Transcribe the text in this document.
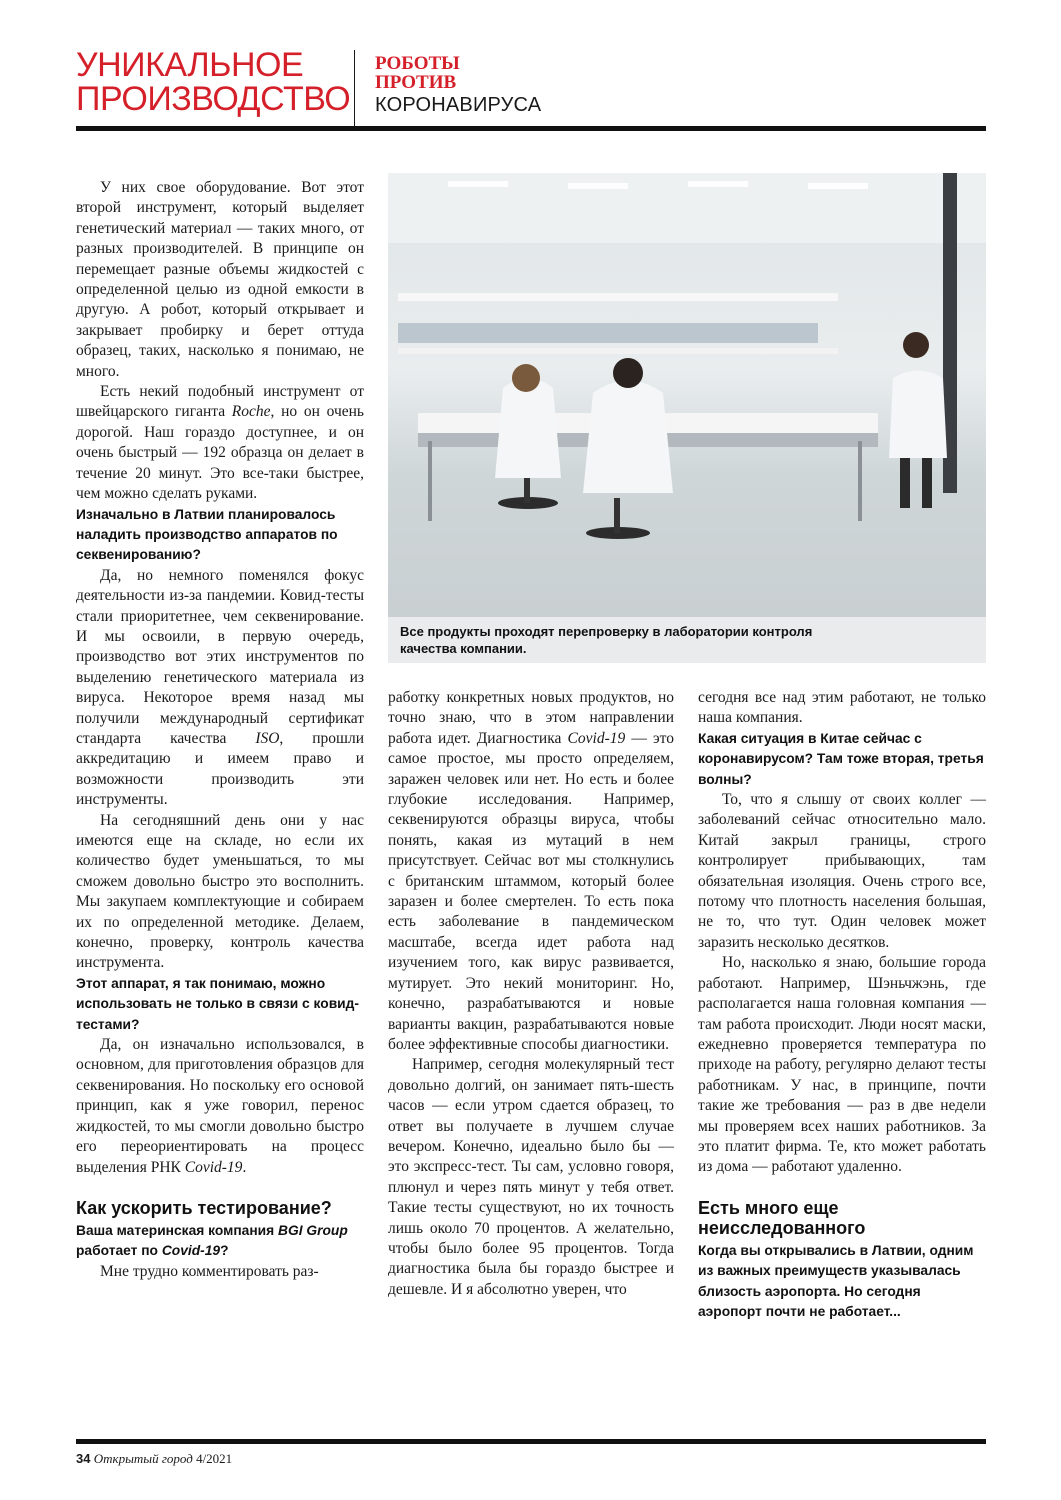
УНИКАЛЬНОЕ
ПРОИЗВОДСТВО
РОБОТЫ
ПРОТИВ
КОРОНАВИРУСА

У них свое оборудование. Вот этот второй инструмент, который выделяет генетический материал — таких много, от разных производителей. В принципе он перемещает разные объемы жидкостей с определенной целью из одной емкости в другую. А робот, который открывает и закрывает пробирку и берет оттуда образец, таких, насколько я понимаю, не много.

Есть некий подобный инструмент от швейцарского гиганта Roche, но он очень дорогой. Наш гораздо доступнее, и он очень быстрый — 192 образца он делает в течение 20 минут. Это все-таки быстрее, чем можно сделать руками.

Изначально в Латвии планировалось наладить производство аппаратов по секвенированию?

Да, но немного поменялся фокус деятельности из-за пандемии. Ковид-тесты стали приоритетнее, чем секвенирование. И мы освоили, в первую очередь, производство вот этих инструментов по выделению генетического материала из вируса. Некоторое время назад мы получили международный сертификат стандарта качества ISO, прошли аккредитацию и имеем право и возможности производить эти инструменты.

На сегодняшний день они у нас имеются еще на складе, но если их количество будет уменьшаться, то мы сможем довольно быстро это восполнить. Мы закупаем комплектующие и собираем их по определенной методике. Делаем, конечно, проверку, контроль качества инструмента.

Этот аппарат, я так понимаю, можно использовать не только в связи с ковид-тестами?

Да, он изначально использовался, в основном, для приготовления образцов для секвенирования. Но поскольку его основой принцип, как я уже говорил, перенос жидкостей, то мы смогли довольно быстро его переориентировать на процесс выделения РНК Covid-19.

Как ускорить тестирование?

Ваша материнская компания BGI Group работает по Covid-19?

Мне трудно комментировать раз-

Все продукты проходят перепроверку в лаборатории контроля качества компании.

работку конкретных новых продуктов, но точно знаю, что в этом направлении работа идет. Диагностика Covid-19 — это самое простое, мы просто определяем, заражен человек или нет. Но есть и более глубокие исследования. Например, секвенируются образцы вируса, чтобы понять, какая из мутаций в нем присутствует. Сейчас вот мы столкнулись с британским штаммом, который более заразен и более смертелен. То есть пока есть заболевание в пандемическом масштабе, всегда идет работа над изучением того, как вирус развивается, мутирует. Это некий мониторинг. Но, конечно, разрабатываются и новые варианты вакцин, разрабатываются новые более эффективные способы диагностики.

Например, сегодня молекулярный тест довольно долгий, он занимает пять-шесть часов — если утром сдается образец, то ответ вы получаете в лучшем случае вечером. Конечно, идеально было бы — это экспресс-тест. Ты сам, условно говоря, плюнул и через пять минут у тебя ответ. Такие тесты существуют, но их точность лишь около 70 процентов. А желательно, чтобы было более 95 процентов. Тогда диагностика была бы гораздо быстрее и дешевле. И я абсолютно уверен, что

сегодня все над этим работают, не только наша компания.

Какая ситуация в Китае сейчас с коронавирусом? Там тоже вторая, третья волны?

То, что я слышу от своих коллег — заболеваний сейчас относительно мало. Китай закрыл границы, строго контролирует прибывающих, там обязательная изоляция. Очень строго все, потому что плотность населения большая, не то, что тут. Один человек может заразить несколько десятков.

Но, насколько я знаю, большие города работают. Например, Шэньчжэнь, где располагается наша головная компания — там работа происходит. Люди носят маски, ежедневно проверяется температура по приходе на работу, регулярно делают тесты работникам. У нас, в принципе, почти такие же требования — раз в две недели мы проверяем всех наших работников. За это платит фирма. Те, кто может работать из дома — работают удаленно.

Есть много еще неисследованного

Когда вы открывались в Латвии, одним из важных преимуществ указывалась близость аэропорта. Но сегодня аэропорт почти не работает...

34 Открытый город 4/2021
